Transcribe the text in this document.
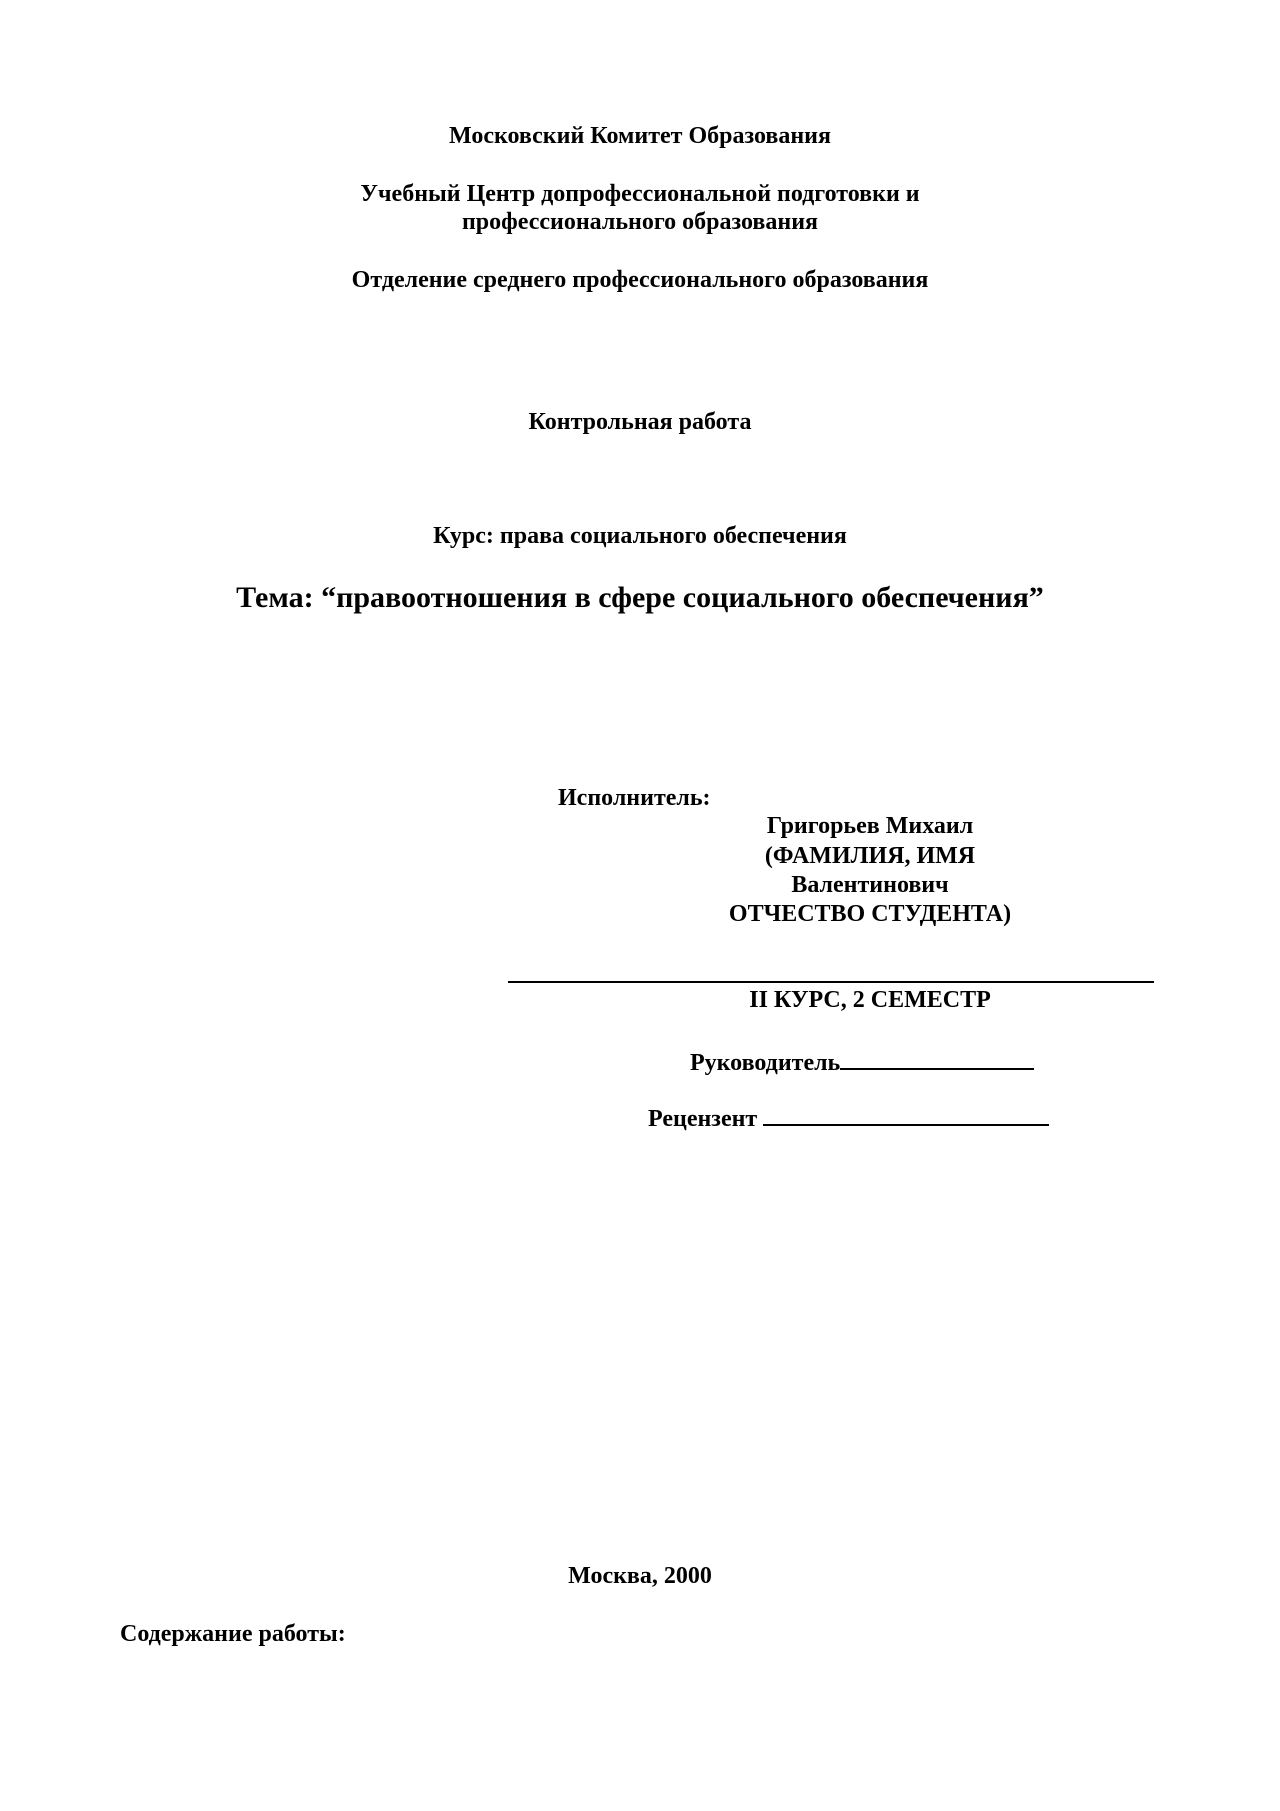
Московский Комитет Образования
Учебный Центр допрофессиональной подготовки и
профессионального образования
Отделение среднего профессионального образования
Контрольная работа
Курс: права социального обеспечения
Тема: “правоотношения в сфере социального обеспечения”
Исполнитель:
Григорьев Михаил
(ФАМИЛИЯ, ИМЯ
Валентинович
ОТЧЕСТВО СТУДЕНТА)
II КУРС, 2 СЕМЕСТР
Руководитель
Рецензент
Москва, 2000
Содержание работы:
